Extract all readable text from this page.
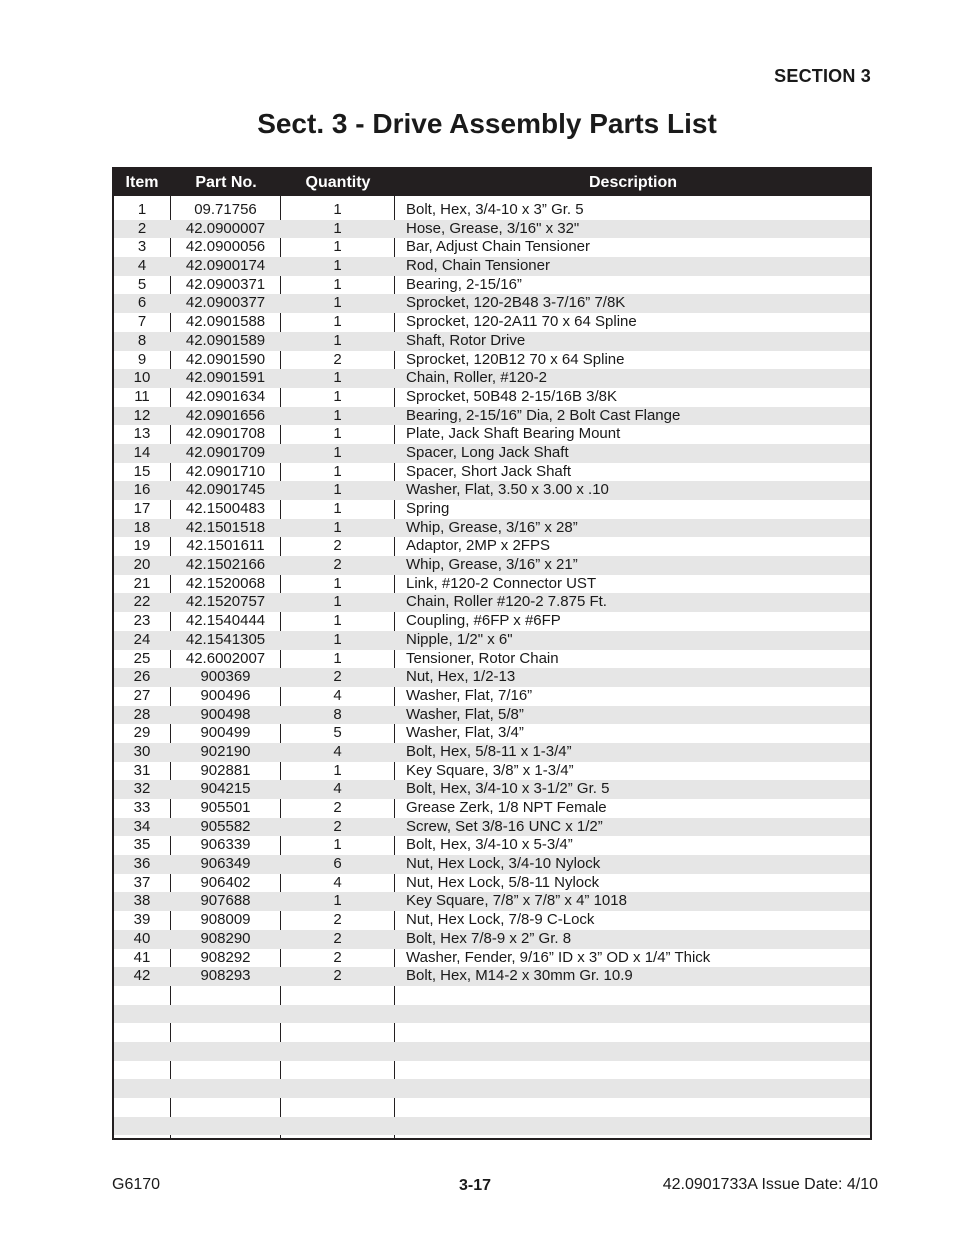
SECTION 3
Sect. 3 - Drive Assembly Parts List
Item	Part No.	Quantity	Description
1	09.71756	1	Bolt, Hex, 3/4-10 x 3” Gr. 5
2	42.0900007	1	Hose, Grease, 3/16" x 32"
3	42.0900056	1	Bar, Adjust Chain Tensioner
4	42.0900174	1	Rod, Chain Tensioner
5	42.0900371	1	Bearing, 2-15/16”
6	42.0900377	1	Sprocket, 120-2B48 3-7/16” 7/8K
7	42.0901588	1	Sprocket, 120-2A11 70 x 64 Spline
8	42.0901589	1	Shaft, Rotor Drive
9	42.0901590	2	Sprocket, 120B12 70 x 64 Spline
10	42.0901591	1	Chain, Roller, #120-2
11	42.0901634	1	Sprocket, 50B48 2-15/16B 3/8K
12	42.0901656	1	Bearing, 2-15/16” Dia, 2 Bolt Cast Flange
13	42.0901708	1	Plate, Jack Shaft Bearing Mount
14	42.0901709	1	Spacer, Long Jack Shaft
15	42.0901710	1	Spacer, Short Jack Shaft
16	42.0901745	1	Washer, Flat, 3.50 x 3.00 x .10
17	42.1500483	1	Spring
18	42.1501518	1	Whip, Grease, 3/16” x 28”
19	42.1501611	2	Adaptor, 2MP x 2FPS
20	42.1502166	2	Whip, Grease, 3/16” x 21”
21	42.1520068	1	Link, #120-2 Connector UST
22	42.1520757	1	Chain, Roller #120-2 7.875 Ft.
23	42.1540444	1	Coupling, #6FP x #6FP
24	42.1541305	1	Nipple, 1/2" x 6"
25	42.6002007	1	Tensioner, Rotor Chain
26	900369	2	Nut, Hex, 1/2-13
27	900496	4	Washer, Flat, 7/16”
28	900498	8	Washer, Flat, 5/8”
29	900499	5	Washer, Flat, 3/4”
30	902190	4	Bolt, Hex, 5/8-11 x 1-3/4”
31	902881	1	Key Square, 3/8” x 1-3/4”
32	904215	4	Bolt, Hex, 3/4-10 x 3-1/2” Gr. 5
33	905501	2	Grease Zerk, 1/8 NPT Female
34	905582	2	Screw, Set 3/8-16 UNC x 1/2”
35	906339	1	Bolt, Hex, 3/4-10 x 5-3/4”
36	906349	6	Nut, Hex Lock, 3/4-10 Nylock
37	906402	4	Nut, Hex Lock, 5/8-11 Nylock
38	907688	1	Key Square, 7/8” x 7/8” x 4” 1018
39	908009	2	Nut, Hex Lock, 7/8-9 C-Lock
40	908290	2	Bolt, Hex 7/8-9 x 2” Gr. 8
41	908292	2	Washer, Fender, 9/16” ID x 3” OD x 1/4” Thick
42	908293	2	Bolt, Hex, M14-2 x 30mm Gr. 10.9
G6170	3-17	42.0901733A Issue Date: 4/10
